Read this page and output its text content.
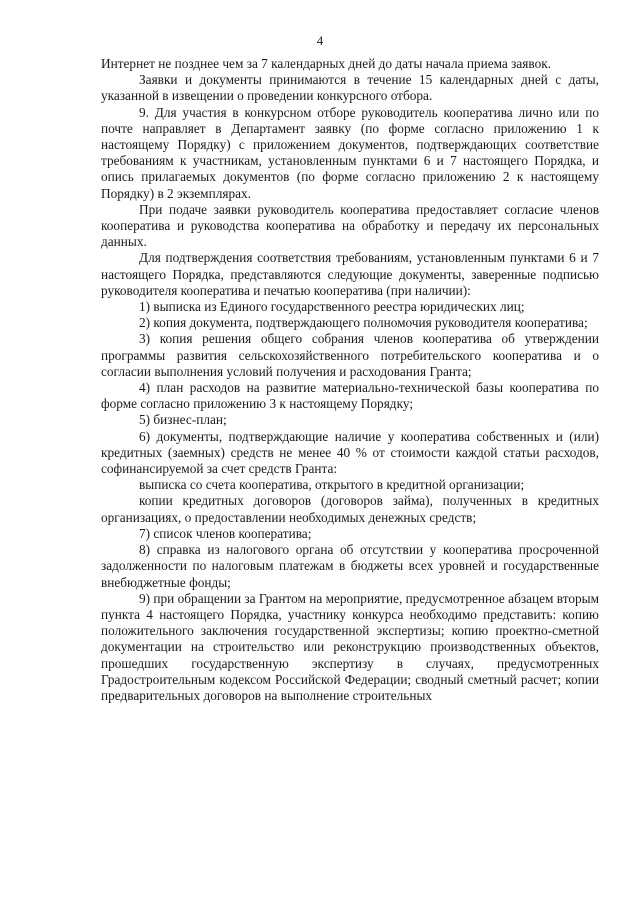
4

Интернет не позднее чем за 7 календарных дней до даты начала приема заявок.

Заявки и документы принимаются в течение 15 календарных дней с даты, указанной в извещении о проведении конкурсного отбора.

9. Для участия в конкурсном отборе руководитель кооператива лично или по почте направляет в Департамент заявку (по форме согласно приложению 1 к настоящему Порядку) с приложением документов, подтверждающих соответствие требованиям к участникам, установленным пунктами 6 и 7 настоящего Порядка, и опись прилагаемых документов (по форме согласно приложению 2 к настоящему Порядку) в 2 экземплярах.

При подаче заявки руководитель кооператива предоставляет согласие членов кооператива и руководства кооператива на обработку и передачу их персональных данных.

Для подтверждения соответствия требованиям, установленным пунктами 6 и 7 настоящего Порядка, представляются следующие документы, заверенные подписью руководителя кооператива и печатью кооператива (при наличии):

1) выписка из Единого государственного реестра юридических лиц;

2) копия документа, подтверждающего полномочия руководителя кооператива;

3) копия решения общего собрания членов кооператива об утверждении программы развития сельскохозяйственного потребительского кооператива и о согласии выполнения условий получения и расходования Гранта;

4) план расходов на развитие материально-технической базы кооператива по форме согласно приложению 3 к настоящему Порядку;

5) бизнес-план;

6) документы, подтверждающие наличие у кооператива собственных и (или) кредитных (заемных) средств не менее 40 % от стоимости каждой статьи расходов, софинансируемой за счет средств Гранта:

выписка со счета кооператива, открытого в кредитной организации;

копии кредитных договоров (договоров займа), полученных в кредитных организациях, о предоставлении необходимых денежных средств;

7) список членов кооператива;

8) справка из налогового органа об отсутствии у кооператива просроченной задолженности по налоговым платежам в бюджеты всех уровней и государственные внебюджетные фонды;

9) при обращении за Грантом на мероприятие, предусмотренное абзацем вторым пункта 4 настоящего Порядка, участнику конкурса необходимо представить: копию положительного заключения государственной экспертизы; копию проектно-сметной документации на строительство или реконструкцию производственных объектов, прошедших государственную экспертизу в случаях, предусмотренных Градостроительным кодексом Российской Федерации; сводный сметный расчет; копии предварительных договоров на выполнение строительных
